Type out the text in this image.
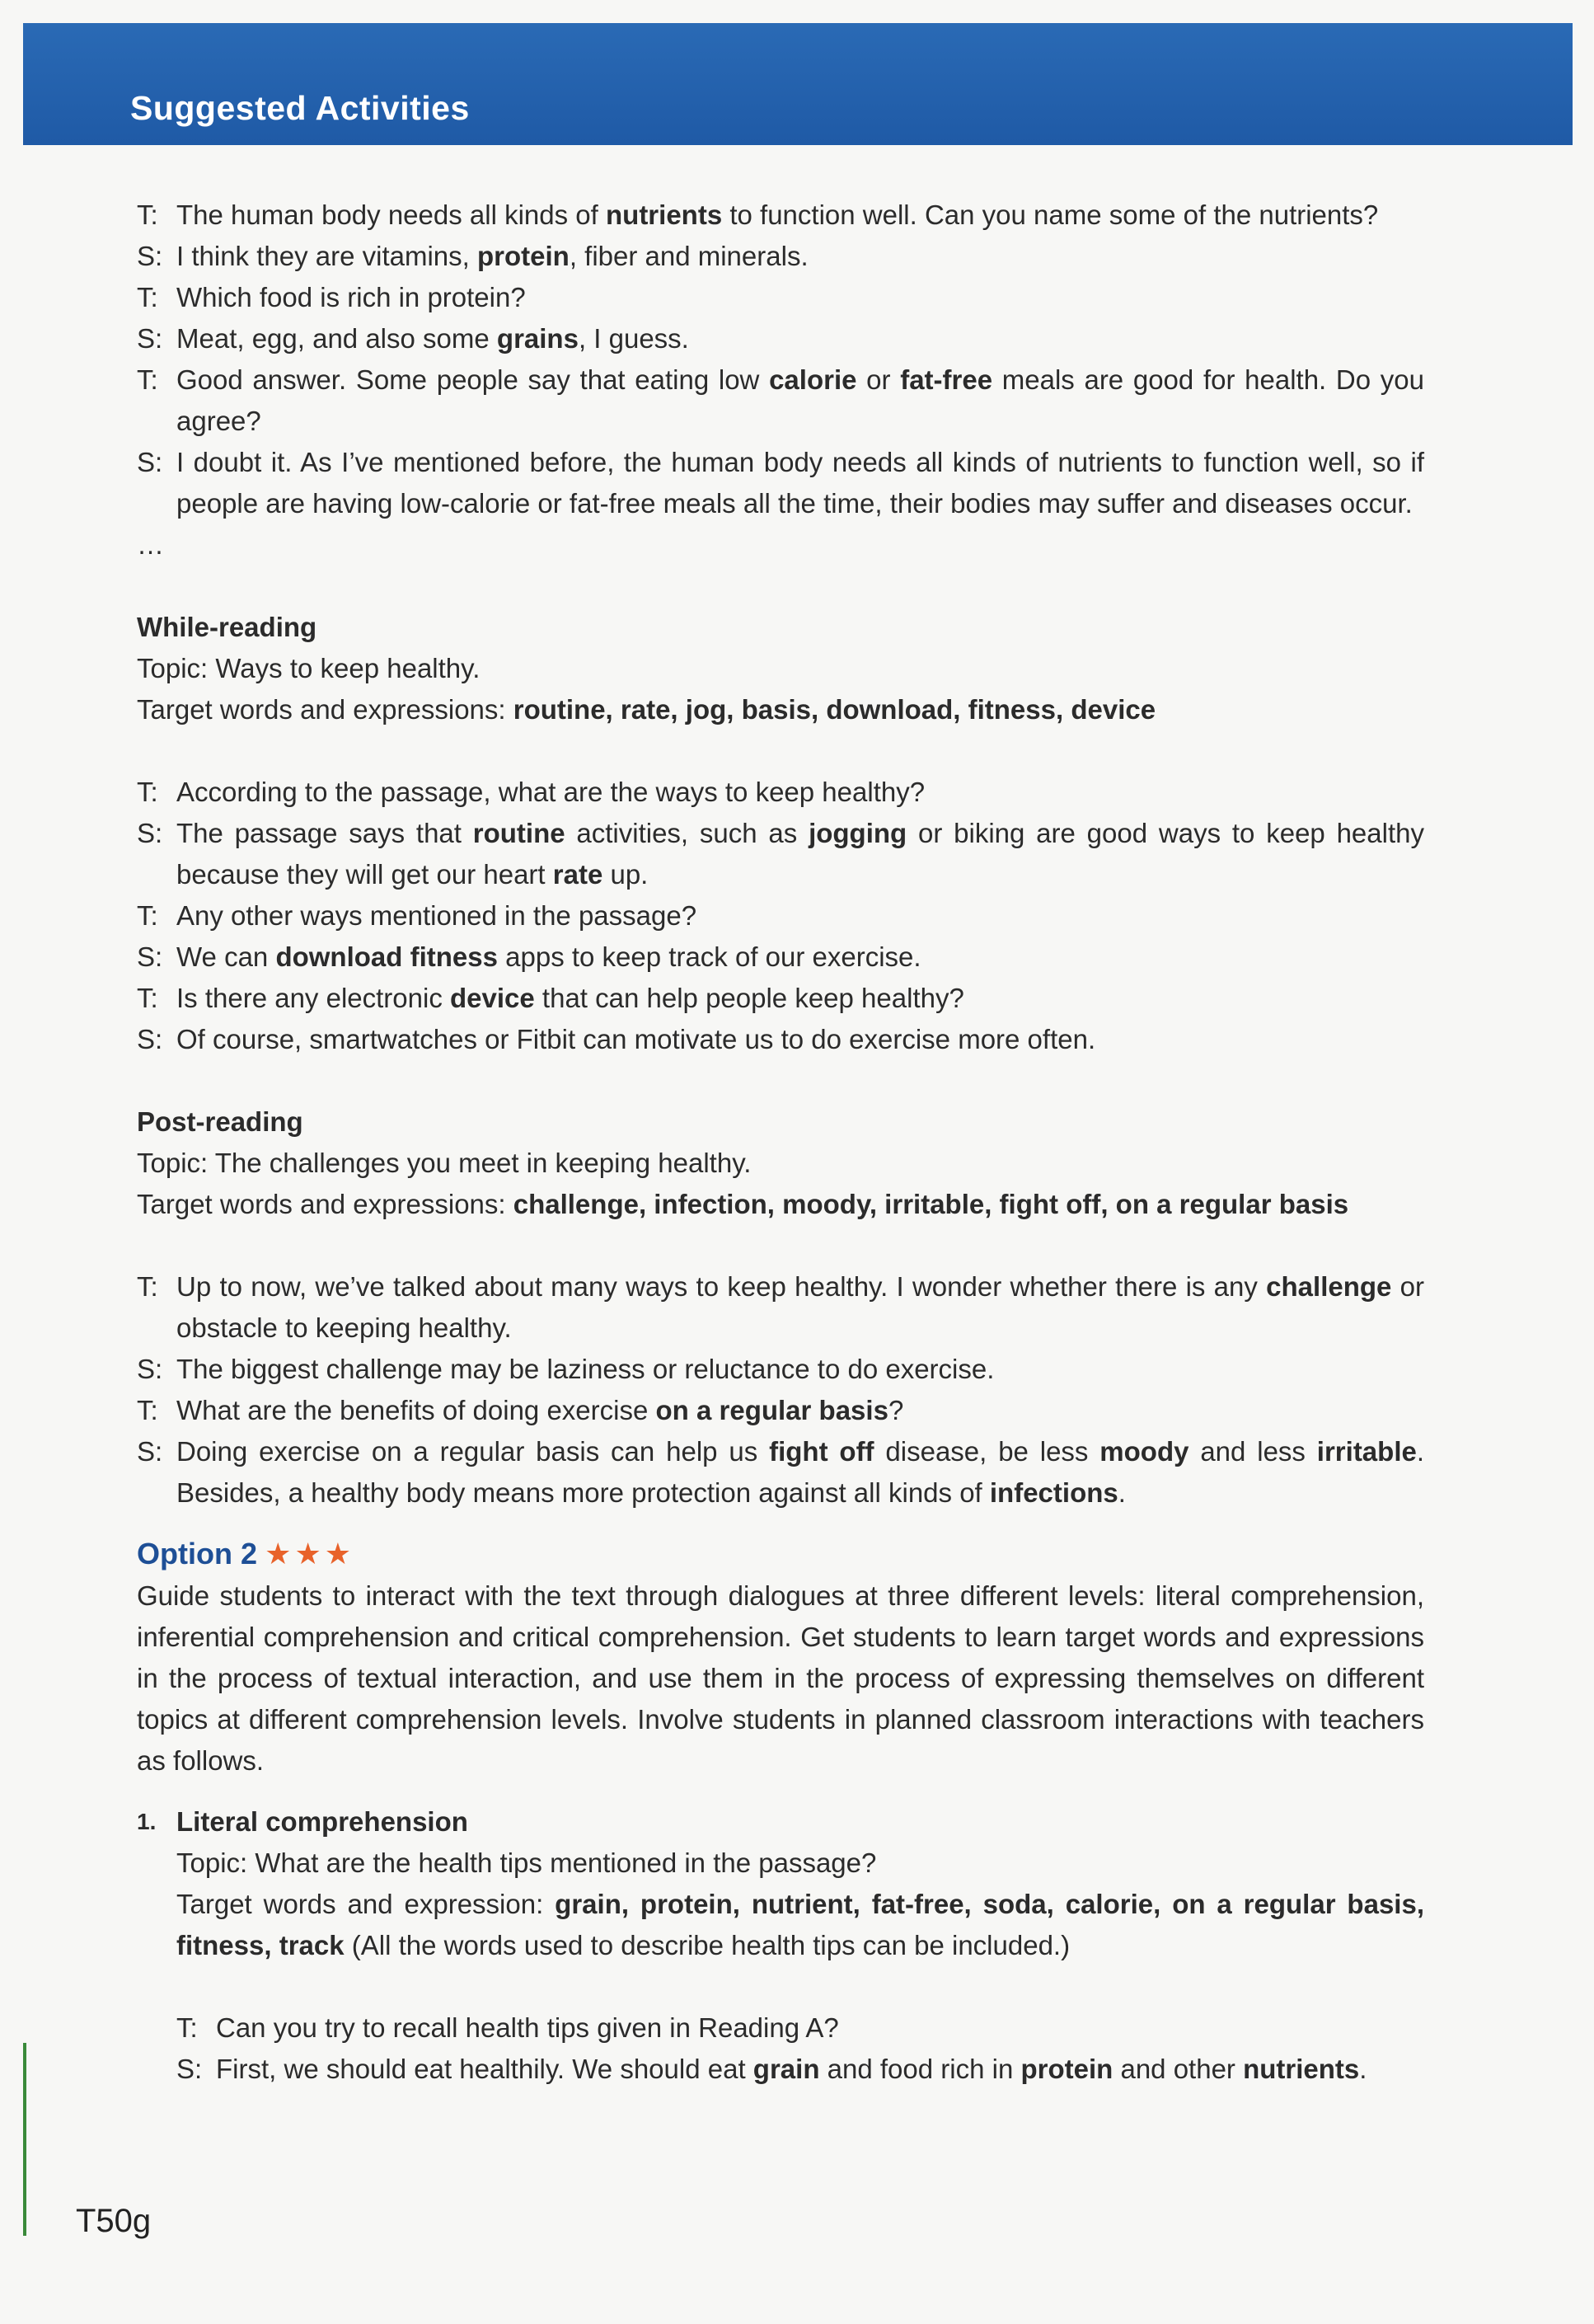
Suggested Activities
T: The human body needs all kinds of nutrients to function well. Can you name some of the nutrients?
S: I think they are vitamins, protein, fiber and minerals.
T: Which food is rich in protein?
S: Meat, egg, and also some grains, I guess.
T: Good answer. Some people say that eating low calorie or fat-free meals are good for health. Do you agree?
S: I doubt it. As I’ve mentioned before, the human body needs all kinds of nutrients to function well, so if people are having low-calorie or fat-free meals all the time, their bodies may suffer and diseases occur.
…
While-reading
Topic: Ways to keep healthy.
Target words and expressions: routine, rate, jog, basis, download, fitness, device
T: According to the passage, what are the ways to keep healthy?
S: The passage says that routine activities, such as jogging or biking are good ways to keep healthy because they will get our heart rate up.
T: Any other ways mentioned in the passage?
S: We can download fitness apps to keep track of our exercise.
T: Is there any electronic device that can help people keep healthy?
S: Of course, smartwatches or Fitbit can motivate us to do exercise more often.
Post-reading
Topic: The challenges you meet in keeping healthy.
Target words and expressions: challenge, infection, moody, irritable, fight off, on a regular basis
T: Up to now, we’ve talked about many ways to keep healthy. I wonder whether there is any challenge or obstacle to keeping healthy.
S: The biggest challenge may be laziness or reluctance to do exercise.
T: What are the benefits of doing exercise on a regular basis?
S: Doing exercise on a regular basis can help us fight off disease, be less moody and less irritable. Besides, a healthy body means more protection against all kinds of infections.
Option 2 ★★★
Guide students to interact with the text through dialogues at three different levels: literal comprehension, inferential comprehension and critical comprehension. Get students to learn target words and expressions in the process of textual interaction, and use them in the process of expressing themselves on different topics at different comprehension levels. Involve students in planned classroom interactions with teachers as follows.
1. Literal comprehension
Topic: What are the health tips mentioned in the passage?
Target words and expression: grain, protein, nutrient, fat-free, soda, calorie, on a regular basis, fitness, track (All the words used to describe health tips can be included.)
T: Can you try to recall health tips given in Reading A?
S: First, we should eat healthily. We should eat grain and food rich in protein and other nutrients.
T50g
